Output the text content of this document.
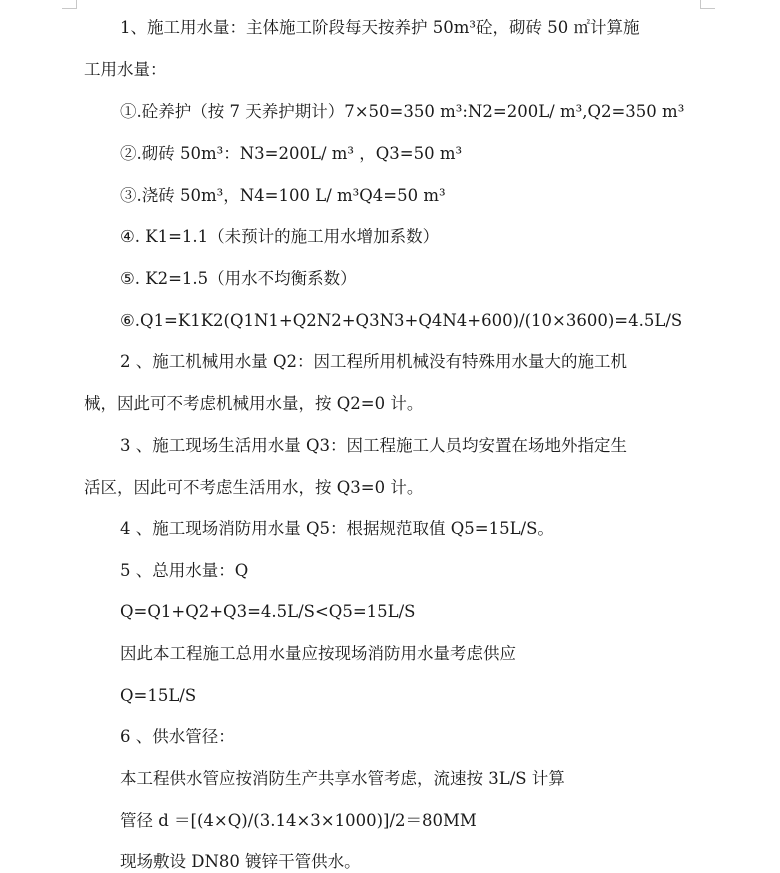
1、施工用水量：主体施工阶段每天按养护 50m³砼，砌砖 50 ㎡计算施
工用水量：
①.砼养护（按 7 天养护期计）7×50=350 m³:N2=200L/ m³,Q2=350 m³
②.砌砖 50m³：N3=200L/ m³ ，Q3=50 m³
③.浇砖 50m³，N4=100 L/ m³Q4=50 m³
④. K1=1.1（未预计的施工用水增加系数）
⑤. K2=1.5（用水不均衡系数）
⑥.Q1=K1K2(Q1N1+Q2N2+Q3N3+Q4N4+600)/(10×3600)=4.5L/S
2 、施工机械用水量 Q2：因工程所用机械没有特殊用水量大的施工机
械，因此可不考虑机械用水量，按 Q2=0 计。
3 、施工现场生活用水量 Q3：因工程施工人员均安置在场地外指定生
活区，因此可不考虑生活用水，按 Q3=0 计。
4 、施工现场消防用水量 Q5：根据规范取值 Q5=15L/S。
5 、总用水量：Q
Q=Q1+Q2+Q3=4.5L/S<Q5=15L/S
因此本工程施工总用水量应按现场消防用水量考虑供应
Q=15L/S
6 、供水管径：
本工程供水管应按消防生产共享水管考虑，流速按 3L/S 计算
管径 d ＝[(4×Q)/(3.14×3×1000)]/2＝80MM
现场敷设 DN80 镀锌干管供水。
